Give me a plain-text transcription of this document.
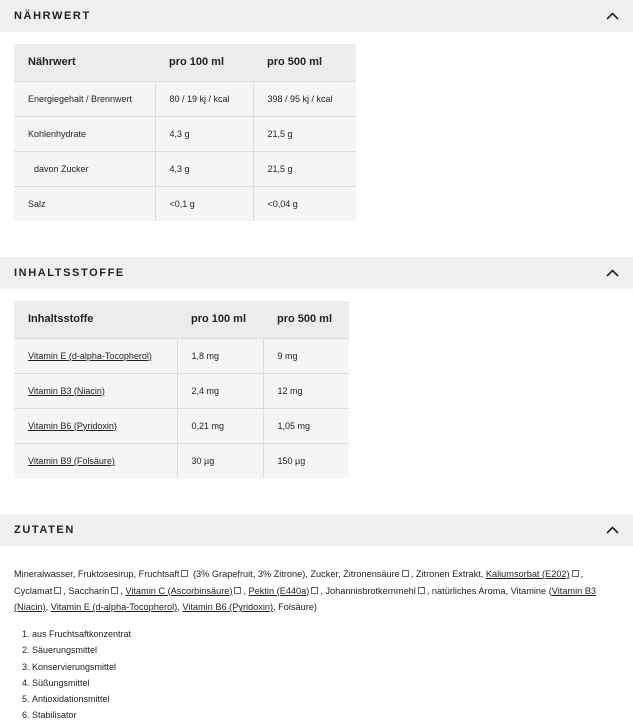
NÄHRWERT
Nährwert	pro 100 ml	pro 500 ml
Energiegehalt / Brennwert	80 / 19 kj / kcal	398 / 95 kj / kcal
Kohlenhydrate	4,3 g	21,5 g
davon Zucker	4,3 g	21,5 g
Salz	<0,1 g	<0,04 g
INHALTSSTOFFE
Inhaltsstoffe	pro 100 ml	pro 500 ml
Vitamin E (d-alpha-Tocopherol)	1,8 mg	9 mg
Vitamin B3 (Niacin)	2,4 mg	12 mg
Vitamin B6 (Pyridoxin)	0,21 mg	1,05 mg
Vitamin B9 (Folsäure)	30 µg	150 µg
ZUTATEN

Mineralwasser, Fruktosesirup, Fruchtsaft (3% Grapefruit, 3% Zitrone), Zucker, Zitronensäure , Zitronen Extrakt, Kaliumsorbat (E202) , Cyclamat , Saccharin , Vitamin C (Ascorbinsäure) , Pektin (E440a) , Johannisbrotkernmehl , natürliches Aroma, Vitamine (Vitamin B3 (Niacin), Vitamin E (d-alpha-Tocopherol), Vitamin B6 (Pyridoxin), Folsäure)

1. aus Fruchtsaftkonzentrat
2. Säuerungsmittel
3. Konservierungsmittel
4. Süßungsmittel
5. Antioxidationsmittel
6. Stabilisator
